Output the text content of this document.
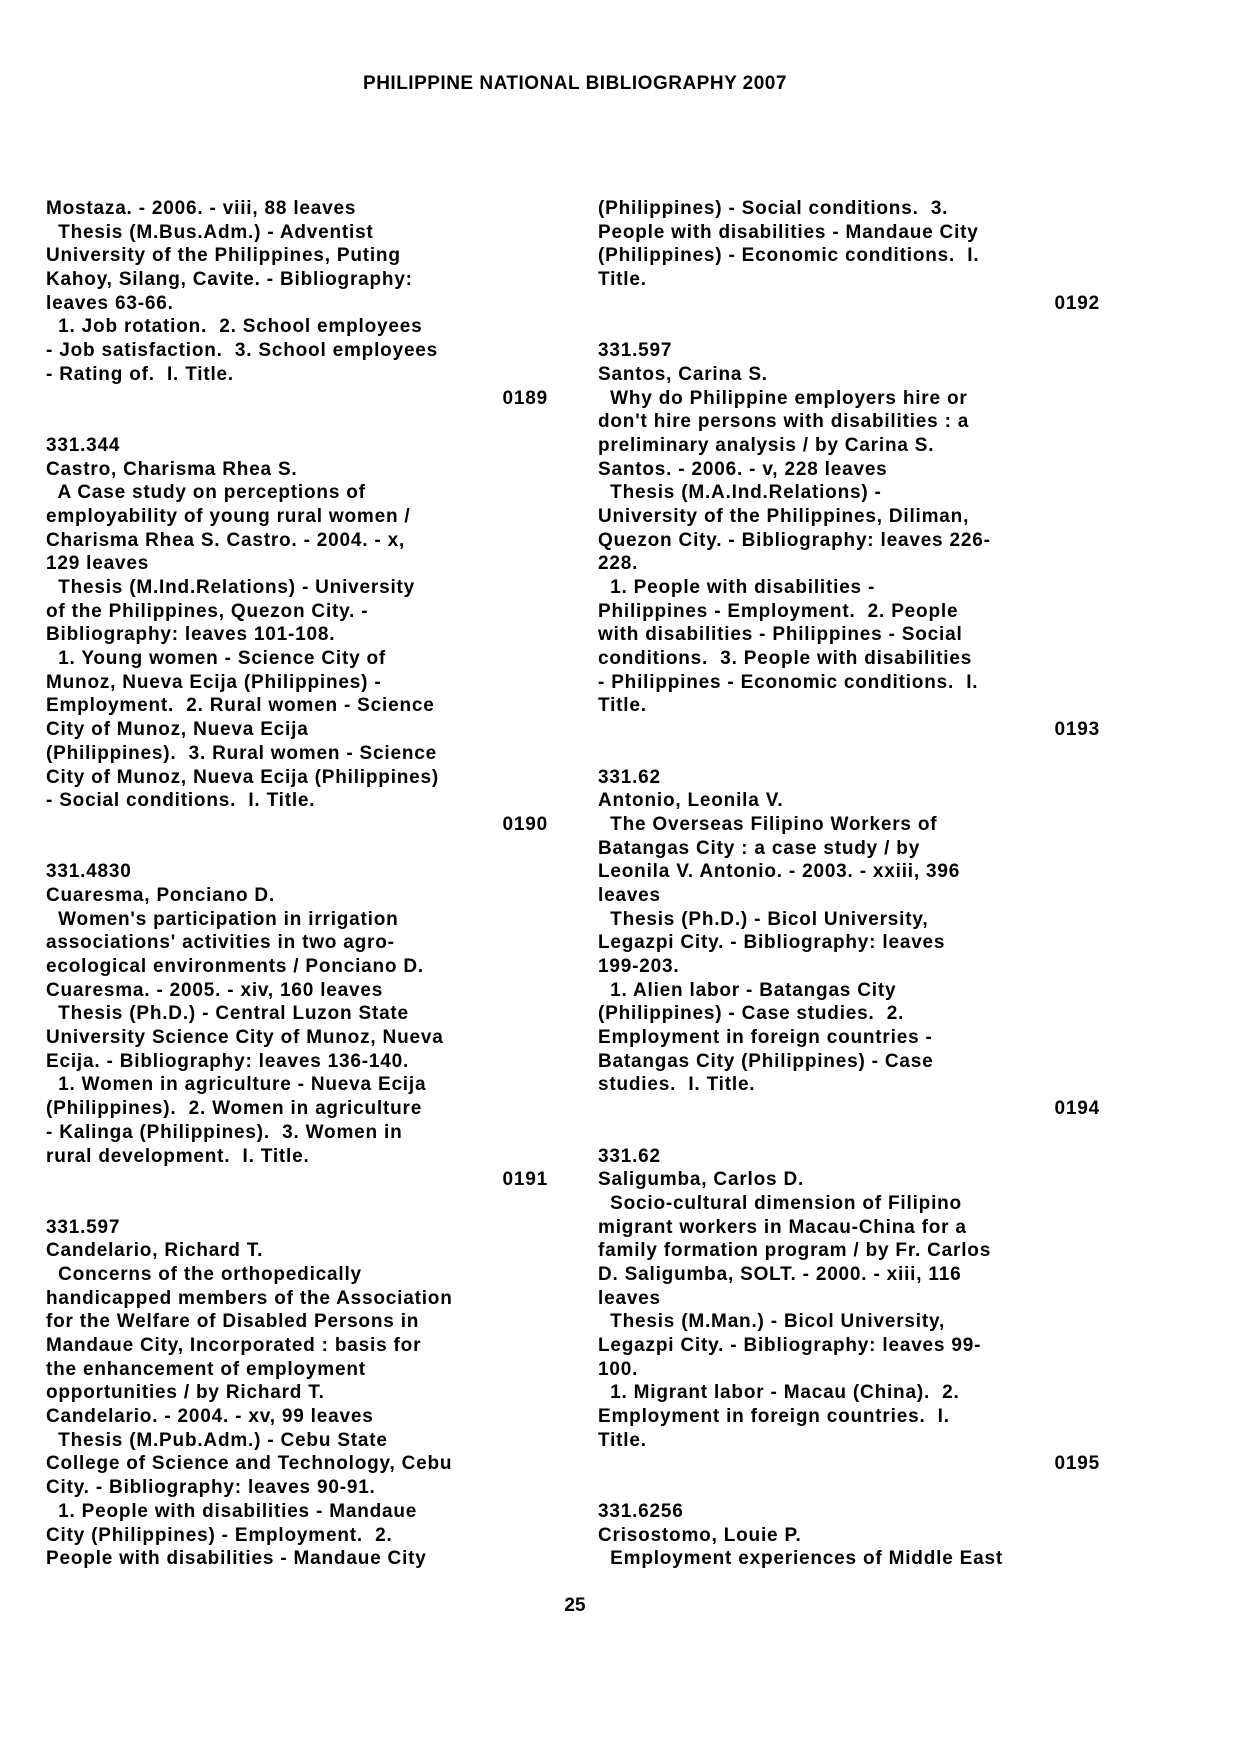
PHILIPPINE NATIONAL BIBLIOGRAPHY 2007
Mostaza. - 2006. - viii, 88 leaves
Thesis (M.Bus.Adm.) - Adventist
University of the Philippines, Puting
Kahoy, Silang, Cavite. - Bibliography:
leaves 63-66.
1. Job rotation.  2. School employees
- Job satisfaction.  3. School employees
- Rating of.  I. Title.
0189
331.344
Castro, Charisma Rhea S.
A Case study on perceptions of
employability of young rural women /
Charisma Rhea S. Castro. - 2004. - x,
129 leaves
Thesis (M.Ind.Relations) - University
of the Philippines, Quezon City. -
Bibliography: leaves 101-108.
1. Young women - Science City of
Munoz, Nueva Ecija (Philippines) -
Employment.  2. Rural women - Science
City of Munoz, Nueva Ecija
(Philippines).  3. Rural women - Science
City of Munoz, Nueva Ecija (Philippines)
- Social conditions.  I. Title.
0190
331.4830
Cuaresma, Ponciano D.
Women's participation in irrigation
associations' activities in two agro-
ecological environments / Ponciano D.
Cuaresma. - 2005. - xiv, 160 leaves
Thesis (Ph.D.) - Central Luzon State
University Science City of Munoz, Nueva
Ecija. - Bibliography: leaves 136-140.
1. Women in agriculture - Nueva Ecija
(Philippines).  2. Women in agriculture
- Kalinga (Philippines).  3. Women in
rural development.  I. Title.
0191
331.597
Candelario, Richard T.
Concerns of the orthopedically
handicapped members of the Association
for the Welfare of Disabled Persons in
Mandaue City, Incorporated : basis for
the enhancement of employment
opportunities / by Richard T.
Candelario. - 2004. - xv, 99 leaves
Thesis (M.Pub.Adm.) - Cebu State
College of Science and Technology, Cebu
City. - Bibliography: leaves 90-91.
1. People with disabilities - Mandaue
City (Philippines) - Employment.  2.
People with disabilities - Mandaue City
(Philippines) - Social conditions.  3.
People with disabilities - Mandaue City
(Philippines) - Economic conditions.  I.
Title.
0192
331.597
Santos, Carina S.
Why do Philippine employers hire or
don't hire persons with disabilities : a
preliminary analysis / by Carina S.
Santos. - 2006. - v, 228 leaves
Thesis (M.A.Ind.Relations) -
University of the Philippines, Diliman,
Quezon City. - Bibliography: leaves 226-
228.
1. People with disabilities -
Philippines - Employment.  2. People
with disabilities - Philippines - Social
conditions.  3. People with disabilities
- Philippines - Economic conditions.  I.
Title.
0193
331.62
Antonio, Leonila V.
The Overseas Filipino Workers of
Batangas City : a case study / by
Leonila V. Antonio. - 2003. - xxiii, 396
leaves
Thesis (Ph.D.) - Bicol University,
Legazpi City. - Bibliography: leaves
199-203.
1. Alien labor - Batangas City
(Philippines) - Case studies.  2.
Employment in foreign countries -
Batangas City (Philippines) - Case
studies.  I. Title.
0194
331.62
Saligumba, Carlos D.
Socio-cultural dimension of Filipino
migrant workers in Macau-China for a
family formation program / by Fr. Carlos
D. Saligumba, SOLT. - 2000. - xiii, 116
leaves
Thesis (M.Man.) - Bicol University,
Legazpi City. - Bibliography: leaves 99-
100.
1. Migrant labor - Macau (China).  2.
Employment in foreign countries.  I.
Title.
0195
331.6256
Crisostomo, Louie P.
Employment experiences of Middle East
25
